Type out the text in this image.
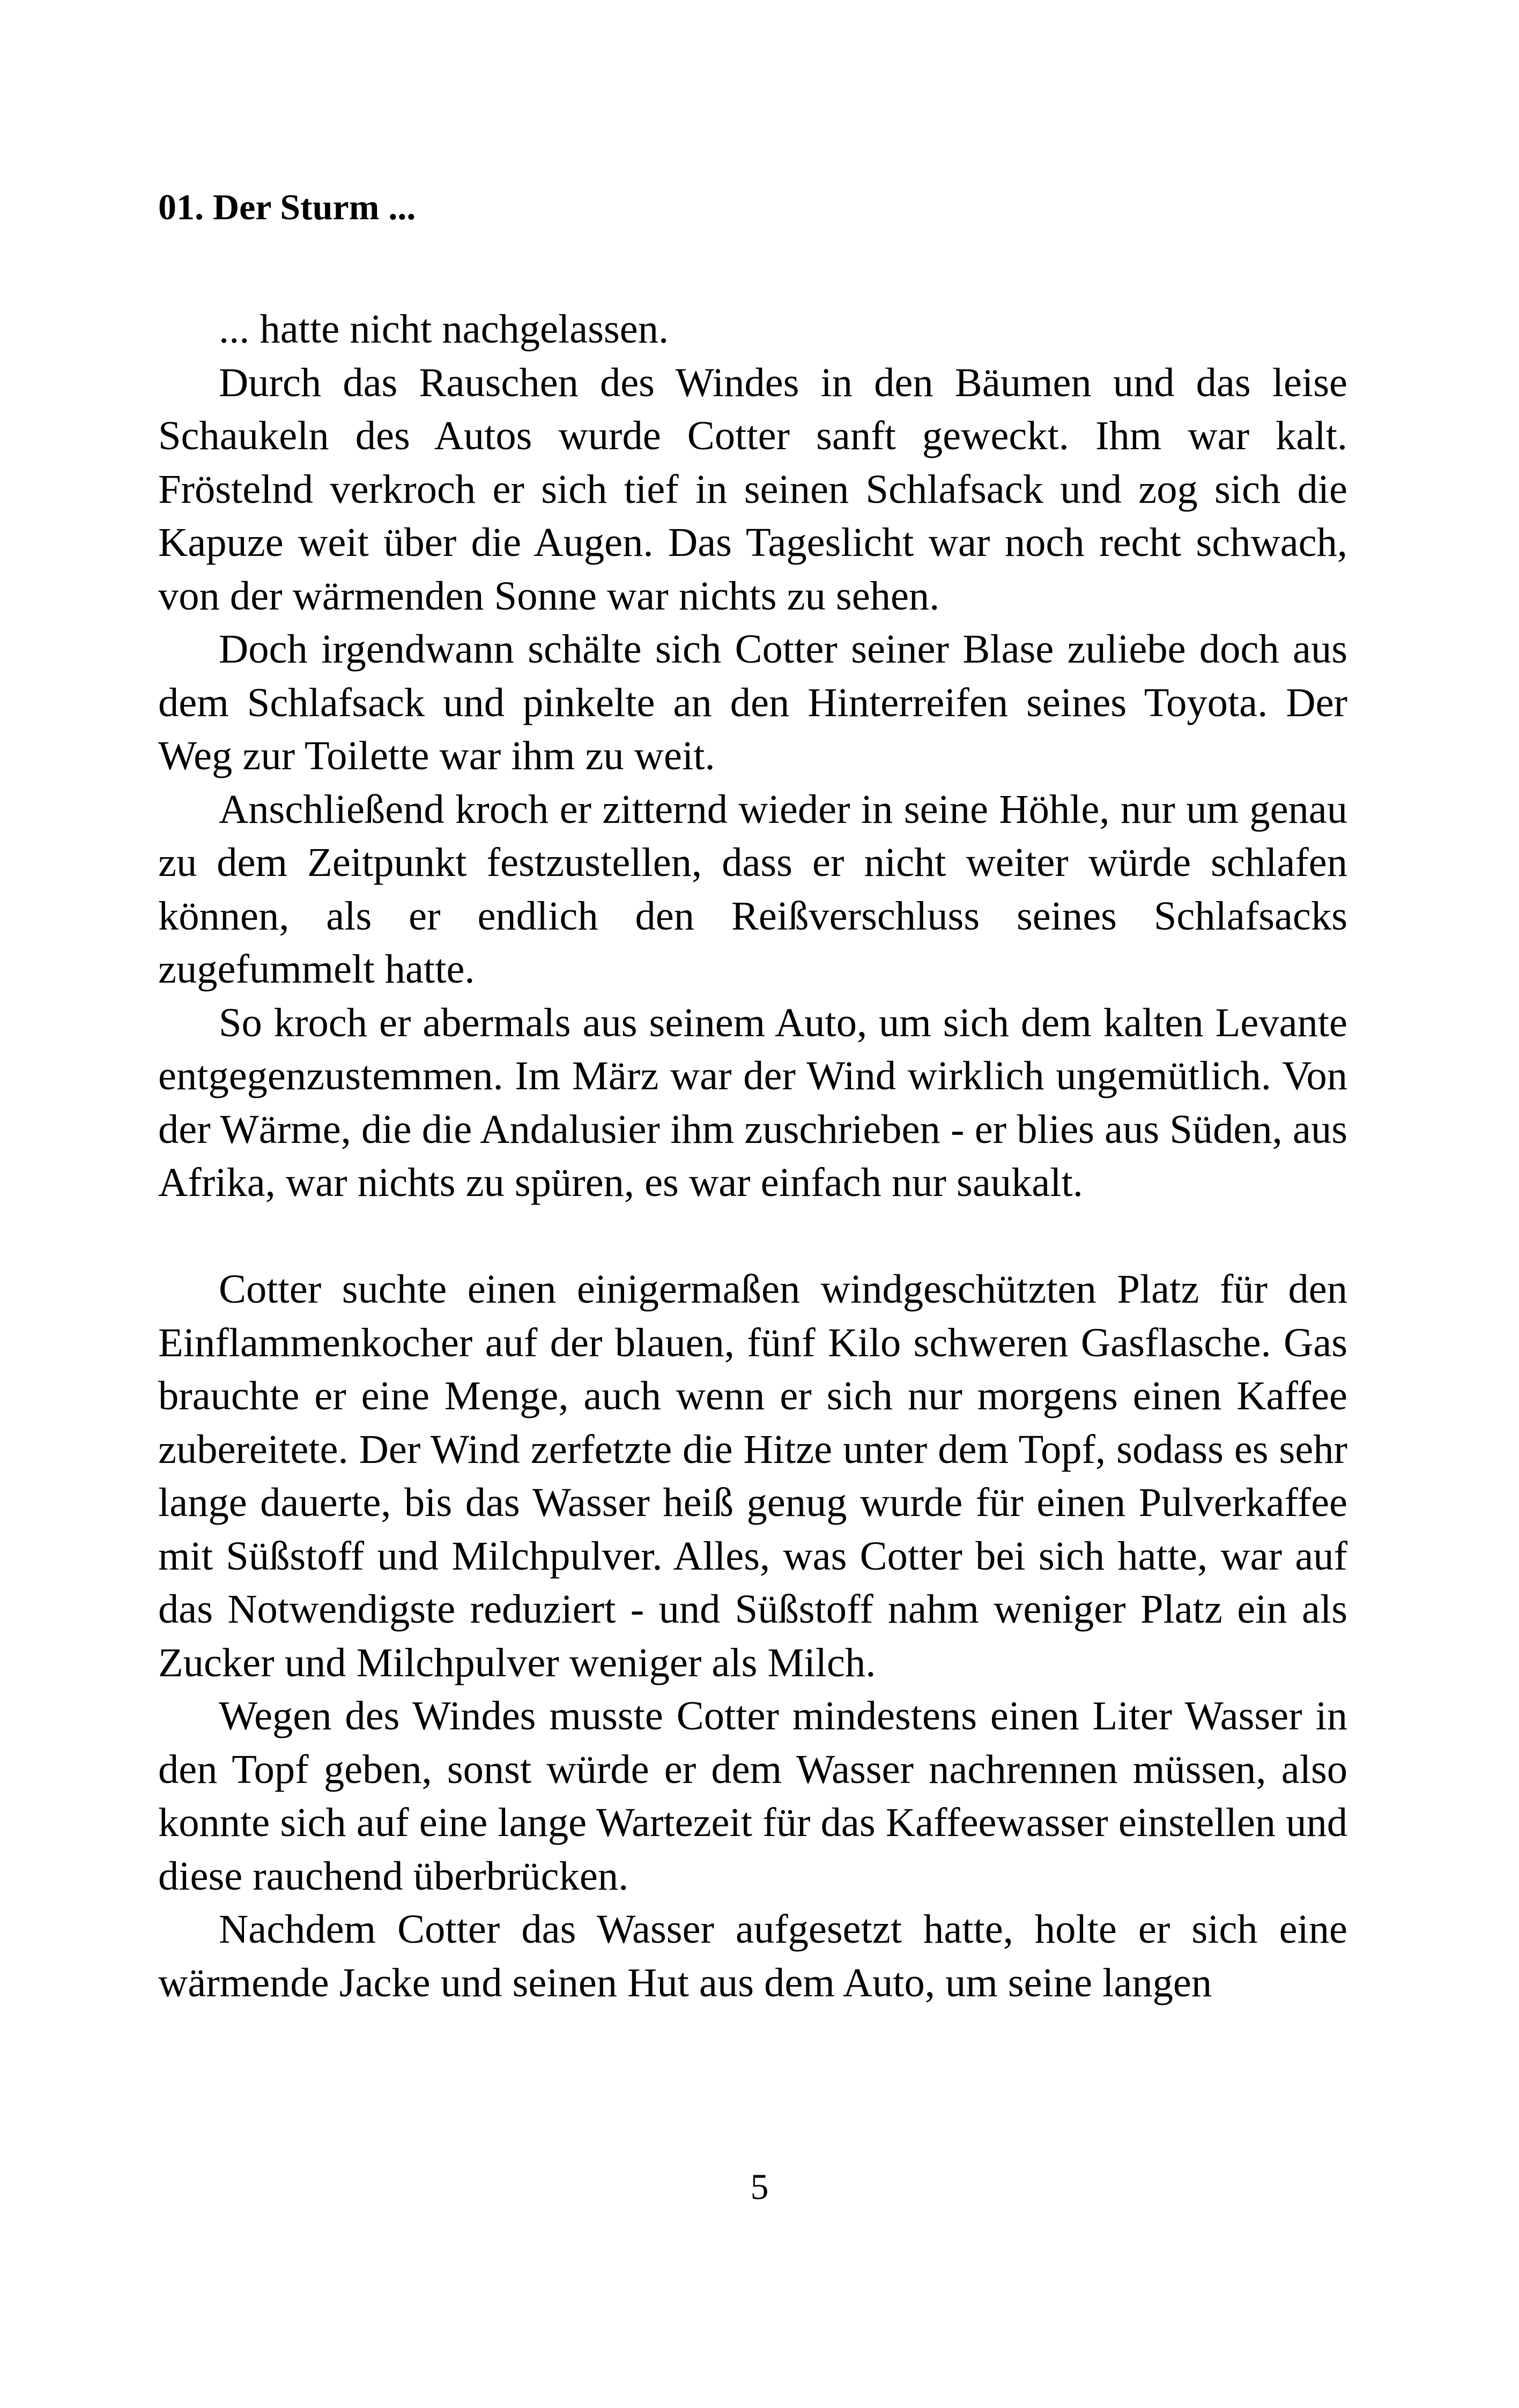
01. Der Sturm ...

... hatte nicht nachgelassen.

Durch das Rauschen des Windes in den Bäumen und das leise Schaukeln des Autos wurde Cotter sanft geweckt. Ihm war kalt. Fröstelnd verkroch er sich tief in seinen Schlafsack und zog sich die Kapuze weit über die Augen. Das Tageslicht war noch recht schwach, von der wärmenden Sonne war nichts zu sehen.

Doch irgendwann schälte sich Cotter seiner Blase zuliebe doch aus dem Schlafsack und pinkelte an den Hinterreifen seines Toyota. Der Weg zur Toilette war ihm zu weit.

Anschließend kroch er zitternd wieder in seine Höhle, nur um genau zu dem Zeitpunkt festzustellen, dass er nicht weiter würde schlafen können, als er endlich den Reißverschluss seines Schlafsacks zugefummelt hatte.

So kroch er abermals aus seinem Auto, um sich dem kalten Levante entgegenzustemmen. Im März war der Wind wirklich ungemütlich. Von der Wärme, die die Andalusier ihm zuschrieben - er blies aus Süden, aus Afrika, war nichts zu spüren, es war einfach nur saukalt.

Cotter suchte einen einigermaßen windgeschützten Platz für den Einflammenkocher auf der blauen, fünf Kilo schweren Gasflasche. Gas brauchte er eine Menge, auch wenn er sich nur morgens einen Kaffee zubereitete. Der Wind zerfetzte die Hitze unter dem Topf, sodass es sehr lange dauerte, bis das Wasser heiß genug wurde für einen Pulverkaffee mit Süßstoff und Milchpulver. Alles, was Cotter bei sich hatte, war auf das Notwendigste reduziert - und Süßstoff nahm weniger Platz ein als Zucker und Milchpulver weniger als Milch.

Wegen des Windes musste Cotter mindestens einen Liter Wasser in den Topf geben, sonst würde er dem Wasser nachrennen müssen, also konnte sich auf eine lange Wartezeit für das Kaffeewasser einstellen und diese rauchend überbrücken.

Nachdem Cotter das Wasser aufgesetzt hatte, holte er sich eine wärmende Jacke und seinen Hut aus dem Auto, um seine langen

5
